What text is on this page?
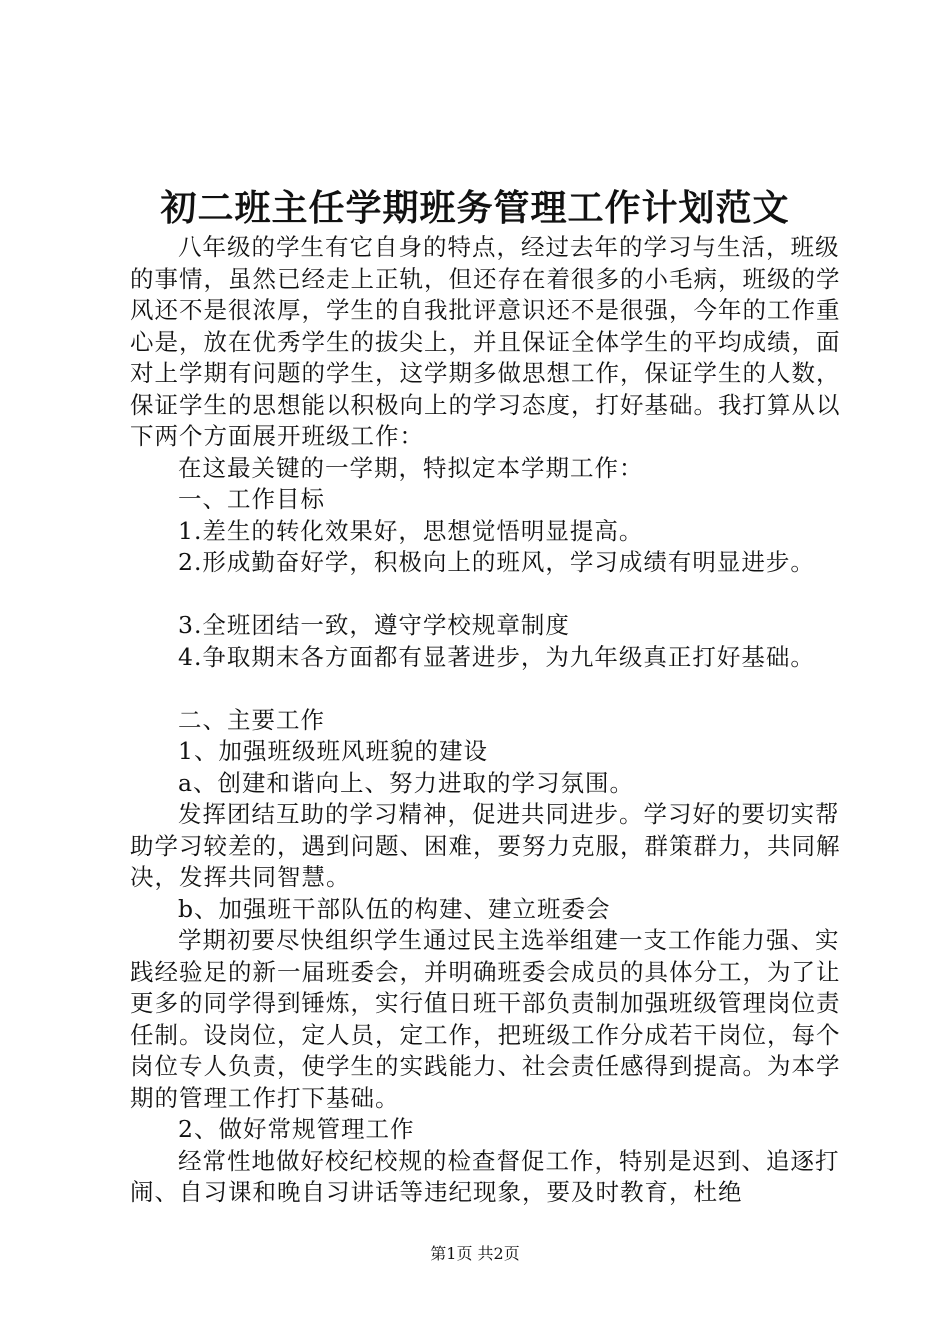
初二班主任学期班务管理工作计划范文

八年级的学生有它自身的特点，经过去年的学习与生活，班级的事情，虽然已经走上正轨，但还存在着很多的小毛病，班级的学风还不是很浓厚，学生的自我批评意识还不是很强，今年的工作重心是，放在优秀学生的拔尖上，并且保证全体学生的平均成绩，面对上学期有问题的学生，这学期多做思想工作，保证学生的人数，保证学生的思想能以积极向上的学习态度，打好基础。我打算从以下两个方面展开班级工作：

在这最关键的一学期，特拟定本学期工作：

一、工作目标

1.差生的转化效果好，思想觉悟明显提高。

2.形成勤奋好学，积极向上的班风，学习成绩有明显进步。

3.全班团结一致，遵守学校规章制度

4.争取期末各方面都有显著进步，为九年级真正打好基础。

二、主要工作

1、加强班级班风班貌的建设

a、创建和谐向上、努力进取的学习氛围。

发挥团结互助的学习精神，促进共同进步。学习好的要切实帮助学习较差的，遇到问题、困难，要努力克服，群策群力，共同解决，发挥共同智慧。

b、加强班干部队伍的构建、建立班委会

学期初要尽快组织学生通过民主选举组建一支工作能力强、实践经验足的新一届班委会，并明确班委会成员的具体分工，为了让更多的同学得到锤炼，实行值日班干部负责制加强班级管理岗位责任制。设岗位，定人员，定工作，把班级工作分成若干岗位，每个岗位专人负责，使学生的实践能力、社会责任感得到提高。为本学期的管理工作打下基础。

2、做好常规管理工作

经常性地做好校纪校规的检查督促工作，特别是迟到、追逐打闹、自习课和晚自习讲话等违纪现象，要及时教育，杜绝

第1页 共2页
